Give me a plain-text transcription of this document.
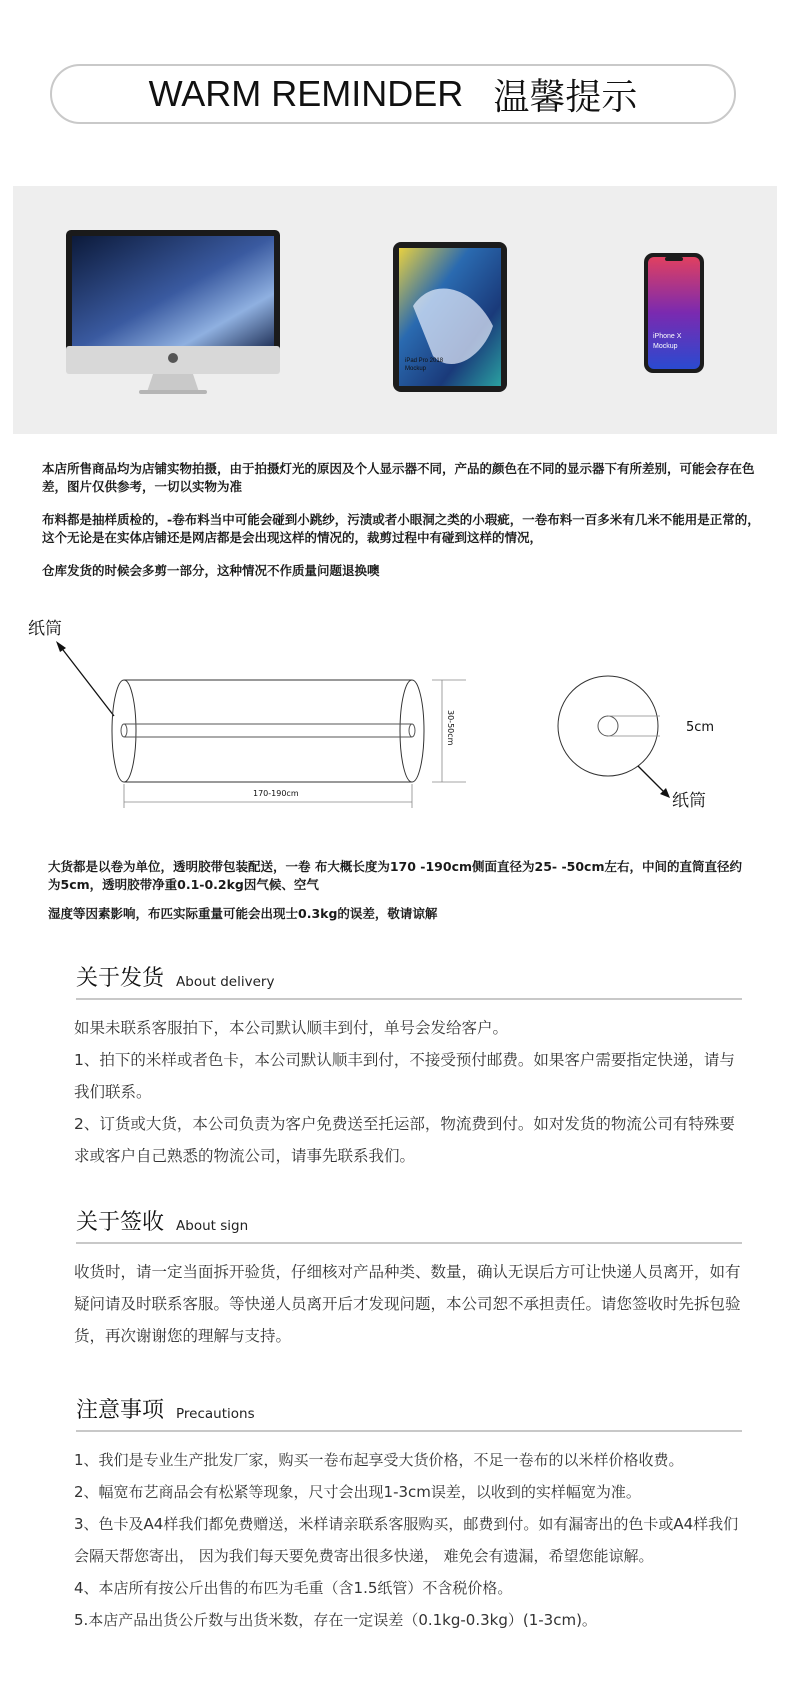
WARM REMINDER 温馨提示
iPad Pro 2018
Mockup
iPhone X
Mockup
本店所售商品均为店铺实物拍摄，由于拍摄灯光的原因及个人显示器不同，产品的颜色在不同的显示器下有所差别，可能会存在色差，图片仅供参考，一切以实物为准
布料都是抽样质检的，-卷布料当中可能会碰到小跳纱，污渍或者小眼洞之类的小瑕疵，一卷布料一百多米有几米不能用是正常的，这个无论是在实体店铺还是网店都是会出现这样的情况的，裁剪过程中有碰到这样的情况，
仓库发货的时候会多剪一部分，这种情况不作质量问题退换噢
纸筒
170-190cm
30-50cm	5cm
纸筒
大货都是以卷为单位，透明胶带包装配送，一卷 布大概长度为170 -190cm侧面直径为25- -50cm左右，中间的直筒直径约为5cm，透明胶带净重0.1-0.2kg因气候、空气
湿度等因素影响，布匹实际重量可能会出现士0.3kg的误差，敬请谅解
关于发货 About delivery

如果未联系客服拍下，本公司默认顺丰到付，单号会发给客户。

1、拍下的米样或者色卡，本公司默认顺丰到付，不接受预付邮费。如果客户需要指定快递，请与我们联系。

2、订货或大货，本公司负责为客户免费送至托运部，物流费到付。如对发货的物流公司有特殊要求或客户自己熟悉的物流公司，请事先联系我们。

关于签收 About sign

收货时，请一定当面拆开验货，仔细核对产品种类、数量，确认无误后方可让快递人员离开，如有疑问请及时联系客服。等快递人员离开后才发现问题，本公司恕不承担责任。请您签收时先拆包验货，再次谢谢您的理解与支持。

注意事项 Precautions

1、我们是专业生产批发厂家，购买一卷布起享受大货价格，不足一卷布的以米样价格收费。

2、幅宽布艺商品会有松紧等现象，尺寸会出现1-3cm误差，以收到的实样幅宽为准。

3、色卡及A4样我们都免费赠送，米样请亲联系客服购买，邮费到付。如有漏寄出的色卡或A4样我们会隔天帮您寄出， 因为我们每天要免费寄出很多快递， 难免会有遗漏，希望您能谅解。

4、本店所有按公斤出售的布匹为毛重（含1.5纸管）不含税价格。

5.本店产品出货公斤数与出货米数，存在一定误差（0.1kg-0.3kg）(1-3cm)。
